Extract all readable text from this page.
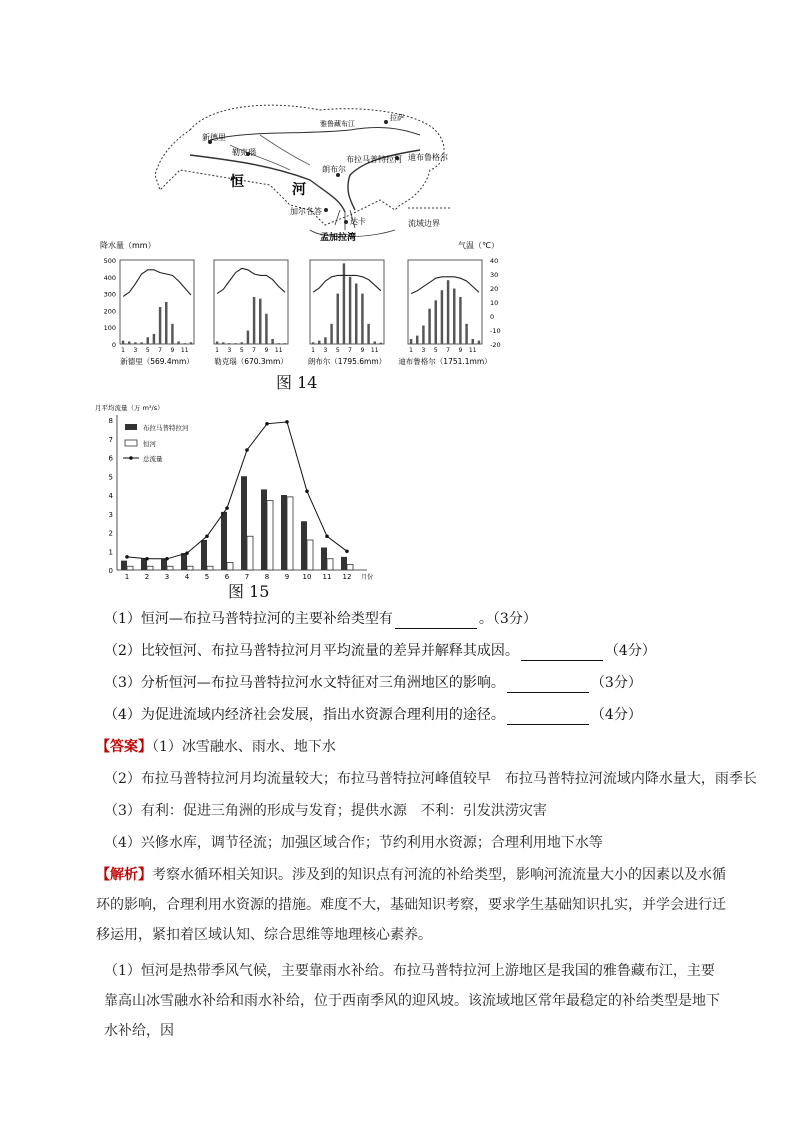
恒	河
新德里
勒克瑙
加尔各答
达卡
孟加拉湾
雅鲁藏布江
拉萨
布拉马普特拉河
朗布尔
迪布鲁格尔
流域边界
降水量（mm）	气温（℃）
500
400
300
200
100
0
40
30
20
10
0
-10
-20
1 3 5 7 9 11
新德里（569.4mm）
1 3 5 7 9 11
勒克瑙（670.3mm）
1 3 5 7 9 11
朗布尔（1795.6mm）
1 3 5 7 9 11
迪布鲁格尔（1751.1mm）
图 14
月平均流量（万 m³/s）
0
1
2
3
4
5
6
7
8
1 2 3 4 5 6 7 8 9 10 11 12 月份
布拉马普特拉河
恒河
总流量
图 15
（1）恒河—布拉马普特拉河的主要补给类型有	。（3分）
（2）比较恒河、布拉马普特拉河月平均流量的差异并解释其成因。	（4分）
（3）分析恒河—布拉马普特拉河水文特征对三角洲地区的影响。	（3分）
（4）为促进流域内经济社会发展，指出水资源合理利用的途径。	（4分）
【答案】（1）冰雪融水、雨水、地下水
（2）布拉马普特拉河月均流量较大；布拉马普特拉河峰值较早　布拉马普特拉河流域内降水量大，雨季长
（3）有利：促进三角洲的形成与发育；提供水源　不利：引发洪涝灾害
（4）兴修水库，调节径流；加强区域合作；节约利用水资源；合理利用地下水等
【解析】考察水循环相关知识。涉及到的知识点有河流的补给类型，影响河流流量大小的因素以及水循环的影响，合理利用水资源的措施。难度不大，基础知识考察，要求学生基础知识扎实，并学会进行迁移运用，紧扣着区域认知、综合思维等地理核心素养。
（1）恒河是热带季风气候，主要靠雨水补给。布拉马普特拉河上游地区是我国的雅鲁藏布江，主要靠高山冰雪融水补给和雨水补给，位于西南季风的迎风坡。该流域地区常年最稳定的补给类型是地下水补给，因
